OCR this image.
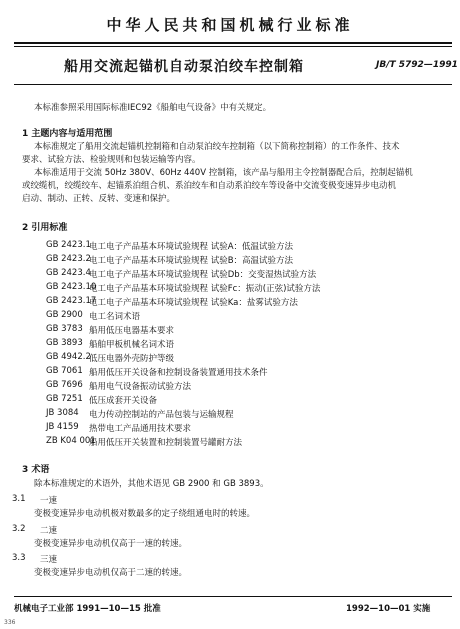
中华人民共和国机械行业标准
船用交流起锚机自动泵泊绞车控制箱	JB/T 5792—1991
本标准参照采用国际标准IEC92《船舶电气设备》中有关规定。
1 主题内容与适用范围
本标准规定了船用交流起锚机控制箱和自动泵泊绞车控制箱（以下简称控制箱）的工作条件、技术
要求、试验方法、检验规则和包装运输等内容。
本标准适用于交流 50Hz 380V、60Hz 440V 控制箱，该产品与船用主令控制器配合后，控制起锚机
或绞缆机，绞缆绞车、起锚系泊组合机、系泊绞车和自动系泊绞车等设备中交流变极变速异步电动机
启动、制动、正转、反转、变速和保护。
2 引用标准
GB 2423.1
电工电子产品基本环境试验规程 试验A：低温试验方法
GB 2423.2
电工电子产品基本环境试验规程 试验B：高温试验方法
GB 2423.4
电工电子产品基本环境试验规程 试验Db：交变湿热试验方法
GB 2423.10
电工电子产品基本环境试验规程 试验Fc：振动(正弦)试验方法
GB 2423.17
电工电子产品基本环境试验规程 试验Ka：盐雾试验方法
GB 2900 电工名词术语
GB 3783 船用低压电器基本要求
GB 3893 船舶甲板机械名词术语
GB 4942.2
低压电器外壳防护等级
GB 7061 船用低压开关设备和控制设备装置通用技术条件
GB 7696 船用电气设备振动试验方法
GB 7251 低压成套开关设备
JB 3084 电力传动控制站的产品包装与运输规程
JB 4159 热带电工产品通用技术要求
ZB K04 001
船用低压开关装置和控制装置号罐耐方法
3 术语
除本标准规定的术语外，其他术语见 GB 2900 和 GB 3893。
3.1 一速
变极变速异步电动机极对数最多的定子绕组通电时的转速。
3.2 二速
变极变速异步电动机仅高于一速的转速。
3.3 三速
变极变速异步电动机仅高于二速的转速。
机械电子工业部 1991—10—15 批准	1992—10—01 实施
336
